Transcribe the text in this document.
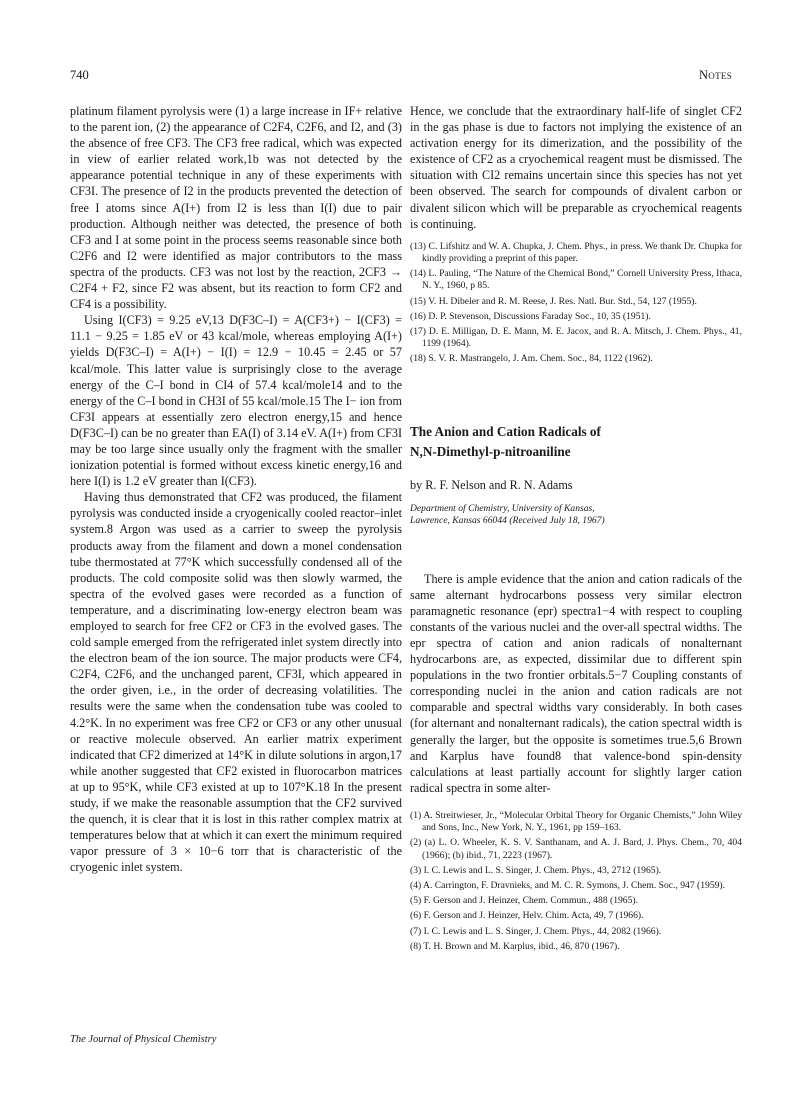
740	Notes

platinum filament pyrolysis were (1) a large increase in IF+ relative to the parent ion, (2) the appearance of C2F4, C2F6, and I2, and (3) the absence of free CF3. The CF3 free radical, which was expected in view of earlier related work,1b was not detected by the appearance potential technique in any of these experiments with CF3I. The presence of I2 in the products prevented the detection of free I atoms since A(I+) from I2 is less than I(I) due to pair production. Although neither was detected, the presence of both CF3 and I at some point in the process seems reasonable since both C2F6 and I2 were identified as major contributors to the mass spectra of the products. CF3 was not lost by the reaction, 2CF3 → C2F4 + F2, since F2 was absent, but its reaction to form CF2 and CF4 is a possibility.

Using I(CF3) = 9.25 eV,13 D(F3C–I) = A(CF3+) − I(CF3) = 11.1 − 9.25 = 1.85 eV or 43 kcal/mole, whereas employing A(I+) yields D(F3C–I) = A(I+) − I(I) = 12.9 − 10.45 = 2.45 or 57 kcal/mole. This latter value is surprisingly close to the average energy of the C–I bond in CI4 of 57.4 kcal/mole14 and to the energy of the C–I bond in CH3I of 55 kcal/mole.15 The I− ion from CF3I appears at essentially zero electron energy,15 and hence D(F3C–I) can be no greater than EA(I) of 3.14 eV. A(I+) from CF3I may be too large since usually only the fragment with the smaller ionization potential is formed without excess kinetic energy,16 and here I(I) is 1.2 eV greater than I(CF3).

Having thus demonstrated that CF2 was produced, the filament pyrolysis was conducted inside a cryogenically cooled reactor–inlet system.8 Argon was used as a carrier to sweep the pyrolysis products away from the filament and down a monel condensation tube thermostated at 77°K which successfully condensed all of the products. The cold composite solid was then slowly warmed, the spectra of the evolved gases were recorded as a function of temperature, and a discriminating low-energy electron beam was employed to search for free CF2 or CF3 in the evolved gases. The cold sample emerged from the refrigerated inlet system directly into the electron beam of the ion source. The major products were CF4, C2F4, C2F6, and the unchanged parent, CF3I, which appeared in the order given, i.e., in the order of decreasing volatilities. The results were the same when the condensation tube was cooled to 4.2°K. In no experiment was free CF2 or CF3 or any other unusual or reactive molecule observed. An earlier matrix experiment indicated that CF2 dimerized at 14°K in dilute solutions in argon,17 while another suggested that CF2 existed in fluorocarbon matrices at up to 95°K, while CF3 existed at up to 107°K.18 In the present study, if we make the reasonable assumption that the CF2 survived the quench, it is clear that it is lost in this rather complex matrix at temperatures below that at which it can exert the minimum required vapor pressure of 3 × 10−6 torr that is characteristic of the cryogenic inlet system.

Hence, we conclude that the extraordinary half-life of singlet CF2 in the gas phase is due to factors not implying the existence of an activation energy for its dimerization, and the possibility of the existence of CF2 as a cryochemical reagent must be dismissed. The situation with CI2 remains uncertain since this species has not yet been observed. The search for compounds of divalent carbon or divalent silicon which will be preparable as cryochemical reagents is continuing.

(13) C. Lifshitz and W. A. Chupka, J. Chem. Phys., in press. We thank Dr. Chupka for kindly providing a preprint of this paper.
(14) L. Pauling, “The Nature of the Chemical Bond,” Cornell University Press, Ithaca, N. Y., 1960, p 85.
(15) V. H. Dibeler and R. M. Reese, J. Res. Natl. Bur. Std., 54, 127 (1955).
(16) D. P. Stevenson, Discussions Faraday Soc., 10, 35 (1951).
(17) D. E. Milligan, D. E. Mann, M. E. Jacox, and R. A. Mitsch, J. Chem. Phys., 41, 1199 (1964).
(18) S. V. R. Mastrangelo, J. Am. Chem. Soc., 84, 1122 (1962).
The Anion and Cation Radicals of
N,N-Dimethyl-p-nitroaniline
by R. F. Nelson and R. N. Adams
Department of Chemistry, University of Kansas,
Lawrence, Kansas 66044 (Received July 18, 1967)

There is ample evidence that the anion and cation radicals of the same alternant hydrocarbons possess very similar electron paramagnetic resonance (epr) spectra1−4 with respect to coupling constants of the various nuclei and the over-all spectral widths. The epr spectra of cation and anion radicals of nonalternant hydrocarbons are, as expected, dissimilar due to different spin populations in the two frontier orbitals.5−7 Coupling constants of corresponding nuclei in the anion and cation radicals are not comparable and spectral widths vary considerably. In both cases (for alternant and nonalternant radicals), the cation spectral width is generally the larger, but the opposite is sometimes true.5,6 Brown and Karplus have found8 that valence-bond spin-density calculations at least partially account for slightly larger cation radical spectra in some alter-

(1) A. Streitwieser, Jr., “Molecular Orbital Theory for Organic Chemists,” John Wiley and Sons, Inc., New York, N. Y., 1961, pp 159–163.
(2) (a) L. O. Wheeler, K. S. V. Santhanam, and A. J. Bard, J. Phys. Chem., 70, 404 (1966); (b) ibid., 71, 2223 (1967).
(3) I. C. Lewis and L. S. Singer, J. Chem. Phys., 43, 2712 (1965).
(4) A. Carrington, F. Dravnieks, and M. C. R. Symons, J. Chem. Soc., 947 (1959).
(5) F. Gerson and J. Heinzer, Chem. Commun., 488 (1965).
(6) F. Gerson and J. Heinzer, Helv. Chim. Acta, 49, 7 (1966).
(7) I. C. Lewis and L. S. Singer, J. Chem. Phys., 44, 2082 (1966).
(8) T. H. Brown and M. Karplus, ibid., 46, 870 (1967).
The Journal of Physical Chemistry
